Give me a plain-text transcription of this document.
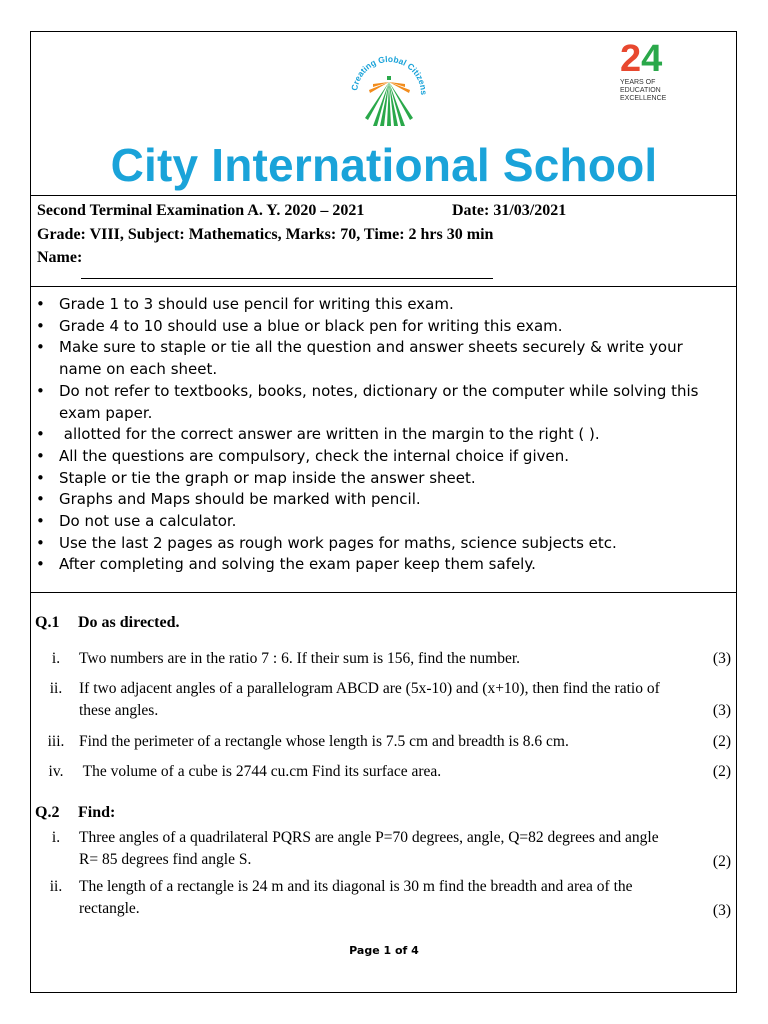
Creating Global Citizens
24
YEARS OF
EDUCATION
EXCELLENCE
City International School
Second Terminal Examination A. Y. 2020 – 2021	Date: 31/03/2021
Grade: VIII, Subject: Mathematics, Marks: 70, Time: 2 hrs 30 min
Name:
• Grade 1 to 3 should use pencil for writing this exam.
• Grade 4 to 10 should use a blue or black pen for writing this exam.
• Make sure to staple or tie all the question and answer sheets securely & write your name on each sheet.
• Do not refer to textbooks, books, notes, dictionary or the computer while solving this exam paper.
•  allotted for the correct answer are written in the margin to the right ( ).
• All the questions are compulsory, check the internal choice if given.
• Staple or tie the graph or map inside the answer sheet.
• Graphs and Maps should be marked with pencil.
• Do not use a calculator.
• Use the last 2 pages as rough work pages for maths, science subjects etc.
• After completing and solving the exam paper keep them safely.
Q.1 Do as directed.
i.	Two numbers are in the ratio 7 : 6. If their sum is 156, find the number.	(3)
ii.	If two adjacent angles of a parallelogram ABCD are (5x-10) and (x+10), then find the ratio of these angles.	(3)
iii. Find the perimeter of a rectangle whose length is 7.5 cm and breadth is 8.6 cm.	(2)
iv.	The volume of a cube is 2744 cu.cm Find its surface area.	(2)
Q.2 Find:
i.	Three angles of a quadrilateral PQRS are angle P=70 degrees, angle, Q=82 degrees and angle R= 85 degrees find angle S.	(2)
ii.	The length of a rectangle is 24 m and its diagonal is 30 m find the breadth and area of the rectangle.	(3)
Page 1 of 4
